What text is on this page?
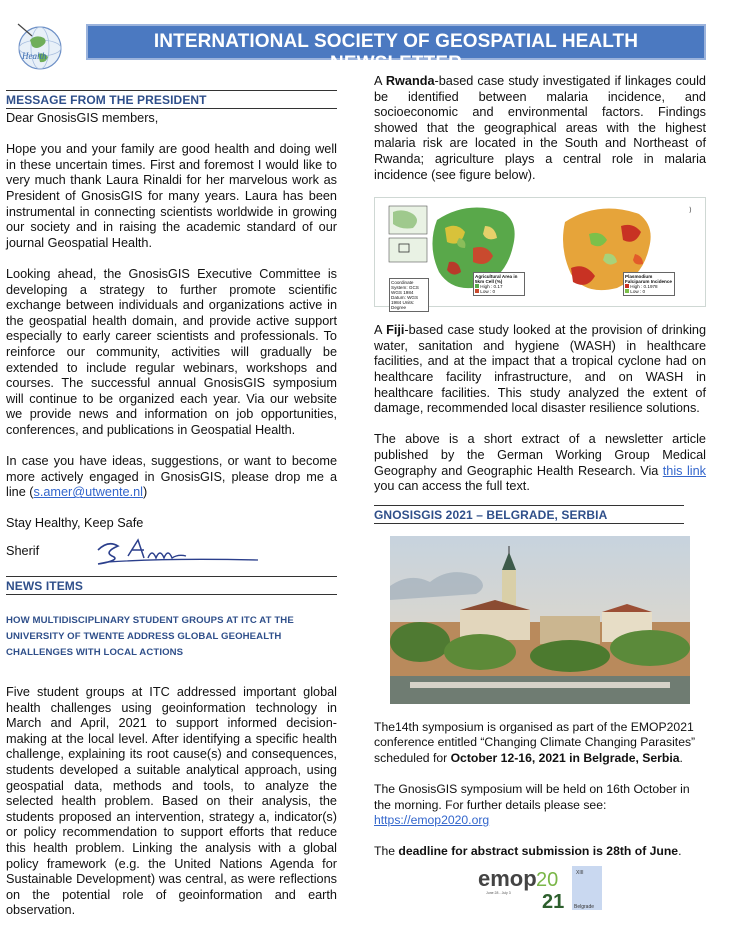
Health
INTERNATIONAL SOCIETY OF GEOSPATIAL HEALTH NEWSLETTER
MESSAGE FROM THE PRESIDENT

Dear GnosisGIS members,

Hope you and your family are good health and doing well in these uncertain times. First and foremost I would like to very much thank Laura Rinaldi for her marvelous work as President of GnosisGIS for many years. Laura has been instrumental in connecting scientists worldwide in growing our society and in raising the academic standard of our journal Geospatial Health.

Looking ahead, the GnosisGIS Executive Committee is developing a strategy to further promote scientific exchange between individuals and organizations active in the geospatial health domain, and provide active support especially to early career scientists and professionals. To reinforce our community, activities will gradually be extended to include regular webinars, workshops and courses. The successful annual GnosisGIS symposium will continue to be organized each year. Via our website we provide news and information on job opportunities, conferences, and publications in Geospatial Health.

In case you have ideas, suggestions, or want to become more actively engaged in GnosisGIS, please drop me a line (s.amer@utwente.nl)

Stay Healthy, Keep Safe

Sherif

NEWS ITEMS
HOW MULTIDISCIPLINARY STUDENT GROUPS AT ITC AT THE
UNIVERSITY OF TWENTE ADDRESS GLOBAL GEOHEALTH
CHALLENGES WITH LOCAL ACTIONS

Five student groups at ITC addressed important global health challenges using geoinformation technology in March and April, 2021 to support informed decision-making at the local level. After identifying a specific health challenge, explaining its root cause(s) and consequences, students developed a suitable analytical approach, using geospatial data, methods and tools, to analyze the selected health problem. Based on their analysis, the students proposed an intervention, strategy a, indicator(s) or policy recommendation to support efforts that reduce this health problem. Linking the analysis with a global policy framework (e.g. the United Nations Agenda for Sustainable Development) was central, as were reflections on the potential role of geoinformation and earth observation.

A Rwanda-based case study investigated if linkages could be identified between malaria incidence, and socioeconomic and environmental factors. Findings showed that the geographical areas with the highest malaria risk are located in the South and Northeast of Rwanda; agriculture plays a central role in malaria incidence (see figure below).

⟩
Coordinate System: GCS WGS 1984 Datum: WGS 1984 Units: Degree
Agricultural Area in 5km Cell (%)
High : 0.17
Low : 0
Plasmodium Falciparum Incidence
High : 0.1978
Low : 0

A Fiji-based case study looked at the provision of drinking water, sanitation and hygiene (WASH) in healthcare facilities, and at the impact that a tropical cyclone had on healthcare facility infrastructure, and on WASH in healthcare facilities. This study analyzed the extent of damage, recommended local disaster resilience solutions.

The above is a short extract of a newsletter article published by the German Working Group Medical Geography and Geographic Health Research. Via this link you can access the full text.

GNOSISGIS 2021 – BELGRADE, SERBIA

The14th symposium is organised as part of the EMOP2021 conference entitled “Changing Climate Changing Parasites” scheduled for October 12-16, 2021 in Belgrade, Serbia.

The GnosisGIS symposium will be held on 16th October in the morning. For further details please see: https://emop2020.org

The deadline for abstract submission is 28th of June.

emop 20
21
XIII
Belgrade
June 28 - July 3
